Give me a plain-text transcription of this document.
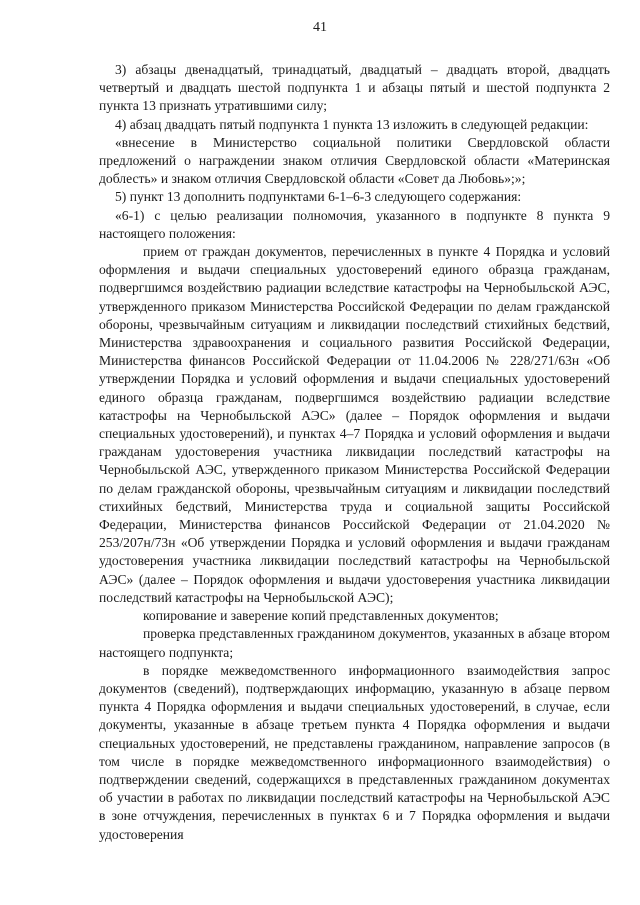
41

3) абзацы двенадцатый, тринадцатый, двадцатый – двадцать второй, двадцать четвертый и двадцать шестой подпункта 1 и абзацы пятый и шестой подпункта 2 пункта 13 признать утратившими силу;

4) абзац двадцать пятый подпункта 1 пункта 13 изложить в следующей редакции:

«внесение в Министерство социальной политики Свердловской области предложений о награждении знаком отличия Свердловской области «Материнская доблесть» и знаком отличия Свердловской области «Совет да Любовь»;»;

5) пункт 13 дополнить подпунктами 6-1–6-3 следующего содержания:

«6-1) с целью реализации полномочия, указанного в подпункте 8 пункта 9 настоящего положения:

прием от граждан документов, перечисленных в пункте 4 Порядка и условий оформления и выдачи специальных удостоверений единого образца гражданам, подвергшимся воздействию радиации вследствие катастрофы на Чернобыльской АЭС, утвержденного приказом Министерства Российской Федерации по делам гражданской обороны, чрезвычайным ситуациям и ликвидации последствий стихийных бедствий, Министерства здравоохранения и социального развития Российской Федерации, Министерства финансов Российской Федерации от 11.04.2006 № 228/271/63н «Об утверждении Порядка и условий оформления и выдачи специальных удостоверений единого образца гражданам, подвергшимся воздействию радиации вследствие катастрофы на Чернобыльской АЭС» (далее – Порядок оформления и выдачи специальных удостоверений), и пунктах 4–7 Порядка и условий оформления и выдачи гражданам удостоверения участника ликвидации последствий катастрофы на Чернобыльской АЭС, утвержденного приказом Министерства Российской Федерации по делам гражданской обороны, чрезвычайным ситуациям и ликвидации последствий стихийных бедствий, Министерства труда и социальной защиты Российской Федерации, Министерства финансов Российской Федерации от 21.04.2020 № 253/207н/73н «Об утверждении Порядка и условий оформления и выдачи гражданам удостоверения участника ликвидации последствий катастрофы на Чернобыльской АЭС» (далее – Порядок оформления и выдачи удостоверения участника ликвидации последствий катастрофы на Чернобыльской АЭС);

копирование и заверение копий представленных документов;

проверка представленных гражданином документов, указанных в абзаце втором настоящего подпункта;

в порядке межведомственного информационного взаимодействия запрос документов (сведений), подтверждающих информацию, указанную в абзаце первом пункта 4 Порядка оформления и выдачи специальных удостоверений, в случае, если документы, указанные в абзаце третьем пункта 4 Порядка оформления и выдачи специальных удостоверений, не представлены гражданином, направление запросов (в том числе в порядке межведомственного информационного взаимодействия) о подтверждении сведений, содержащихся в представленных гражданином документах об участии в работах по ликвидации последствий катастрофы на Чернобыльской АЭС в зоне отчуждения, перечисленных в пунктах 6 и 7 Порядка оформления и выдачи удостоверения
